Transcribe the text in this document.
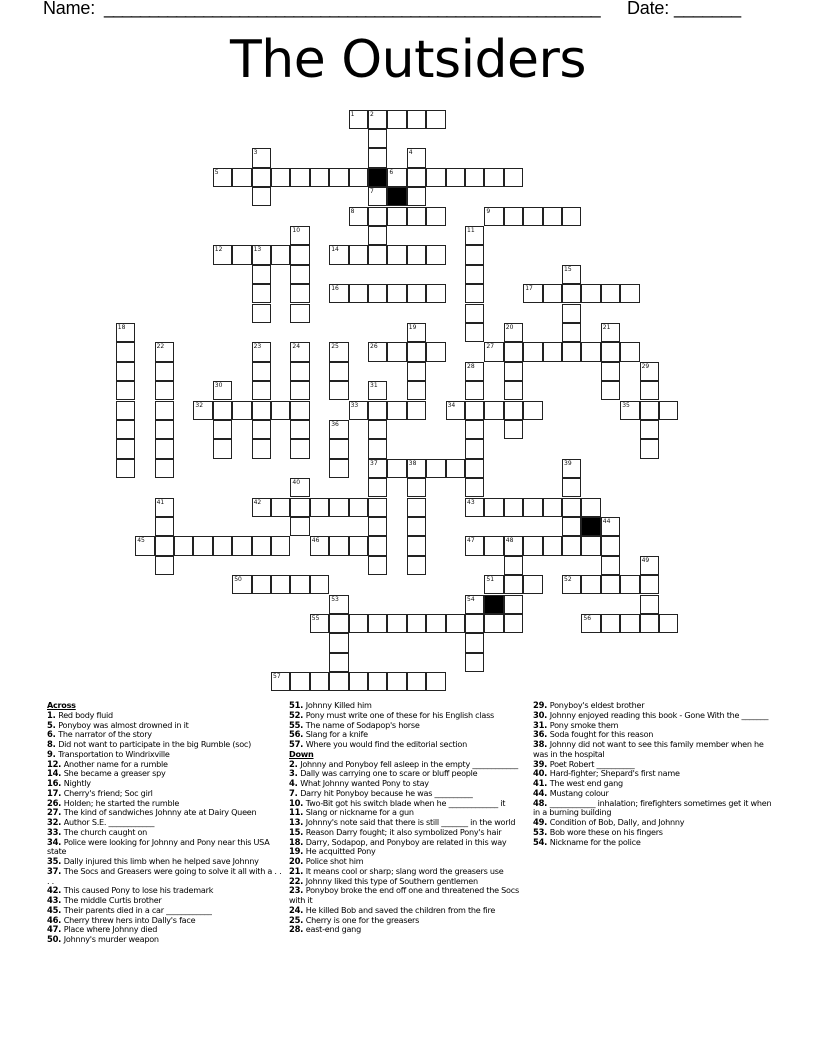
Name: _______________________________________________________ Date: _______
The Outsiders
1	2
3	4
5	6
7
8	9
10	11
12	13	14
15
16	17
18	19	20	21
22	23	24	25	26	27
28
43
29
30	31
37
32	33	34	35
36
38	39
40
41	42
44
45	46	47	48
49
50	51	52
53	54
55	56
57
Across
1. Red body fluid
5. Ponyboy was almost drowned in it
6. The narrator of the story
8. Did not want to participate in the big Rumble (soc)
9. Transportation to Windrixville
12. Another name for a rumble
14. She became a greaser spy
16. Nightly
17. Cherry's friend; Soc girl
26. Holden; he started the rumble
27. The kind of sandwiches Johnny ate at Dairy Queen
32. Author S.E. ____________
33. The church caught on
34. Police were looking for Johnny and Pony near this USA state
35. Dally injured this limb when he helped save Johnny
37. The Socs and Greasers were going to solve it all with a . . . .
42. This caused Pony to lose his trademark
43. The middle Curtis brother
45. Their parents died in a car ____________
46. Cherry threw hers into Dally's face
47. Place where Johnny died
50. Johnny's murder weapon
51. Johnny Killed him
52. Pony must write one of these for his English class
55. The name of Sodapop's horse
56. Slang for a knife
57. Where you would find the editorial section
Down
2. Johnny and Ponyboy fell asleep in the empty ____________
3. Dally was carrying one to scare or bluff people
4. What Johnny wanted Pony to stay
7. Darry hit Ponyboy because he was __________
10. Two-Bit got his switch blade when he _____________ it
11. Slang or nickname for a gun
13. Johnny's note said that there is still _______ in the world
15. Reason Darry fought; it also symbolized Pony's hair
18. Darry, Sodapop, and Ponyboy are related in this way
19. He acquitted Pony
20. Police shot him
21. It means cool or sharp; slang word the greasers use
22. Johnny liked this type of Southern gentlemen
23. Ponyboy broke the end off one and threatened the Socs with it
24. He killed Bob and saved the children from the fire
25. Cherry is one for the greasers
28. east-end gang
29. Ponyboy's eldest brother
30. Johnny enjoyed reading this book - Gone With the _______
31. Pony smoke them
36. Soda fought for this reason
38. Johnny did not want to see this family member when he was in the hospital
39. Poet Robert __________
40. Hard-fighter; Shepard's first name
41. The west end gang
44. Mustang colour
48. ____________ inhalation; firefighters sometimes get it when in a burning building
49. Condition of Bob, Dally, and Johnny
53. Bob wore these on his fingers
54. Nickname for the police
